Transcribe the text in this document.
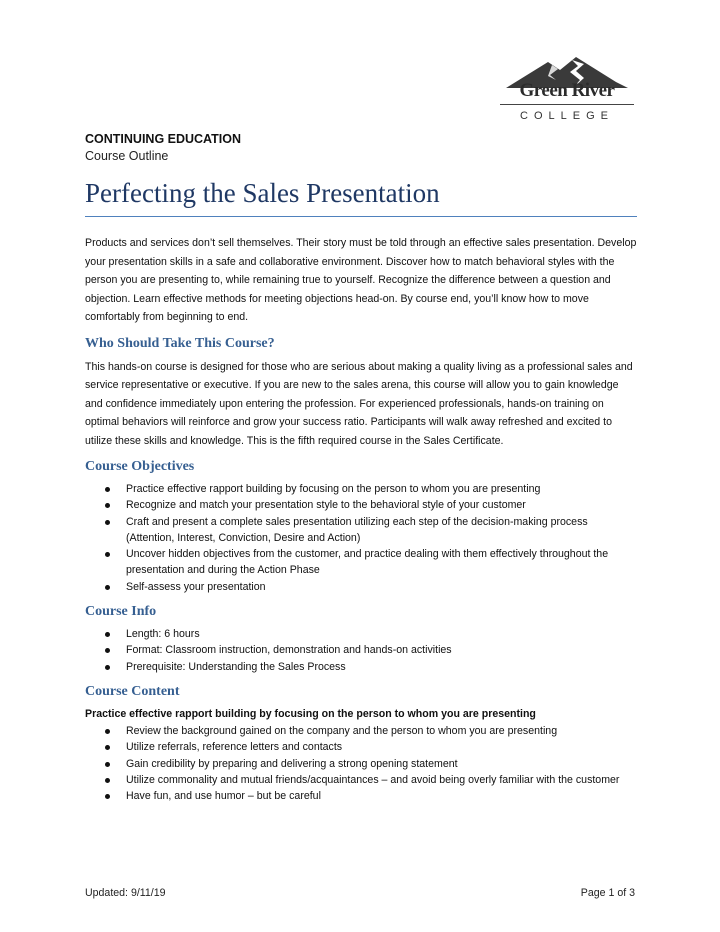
Green River
COLLEGE
CONTINUING EDUCATION
Course Outline
Perfecting the Sales Presentation

Products and services don’t sell themselves. Their story must be told through an effective sales presentation. Develop your presentation skills in a safe and collaborative environment. Discover how to match behavioral styles with the person you are presenting to, while remaining true to yourself. Recognize the difference between a question and objection. Learn effective methods for meeting objections head-on. By course end, you’ll know how to move comfortably from beginning to end.

Who Should Take This Course?

This hands-on course is designed for those who are serious about making a quality living as a professional sales and service representative or executive. If you are new to the sales arena, this course will allow you to gain knowledge and confidence immediately upon entering the profession. For experienced professionals, hands-on training on optimal behaviors will reinforce and grow your success ratio. Participants will walk away refreshed and excited to utilize these skills and knowledge. This is the fifth required course in the Sales Certificate.

Course Objectives
Practice effective rapport building by focusing on the person to whom you are presenting
Recognize and match your presentation style to the behavioral style of your customer
Craft and present a complete sales presentation utilizing each step of the decision-making process (Attention, Interest, Conviction, Desire and Action)
Uncover hidden objectives from the customer, and practice dealing with them effectively throughout the presentation and during the Action Phase
Self-assess your presentation
Course Info
Length: 6 hours
Format: Classroom instruction, demonstration and hands-on activities
Prerequisite: Understanding the Sales Process
Course Content

Practice effective rapport building by focusing on the person to whom you are presenting

Review the background gained on the company and the person to whom you are presenting
Utilize referrals, reference letters and contacts
Gain credibility by preparing and delivering a strong opening statement
Utilize commonality and mutual friends/acquaintances – and avoid being overly familiar with the customer
Have fun, and use humor – but be careful
Updated: 9/11/19	Page 1 of 3
